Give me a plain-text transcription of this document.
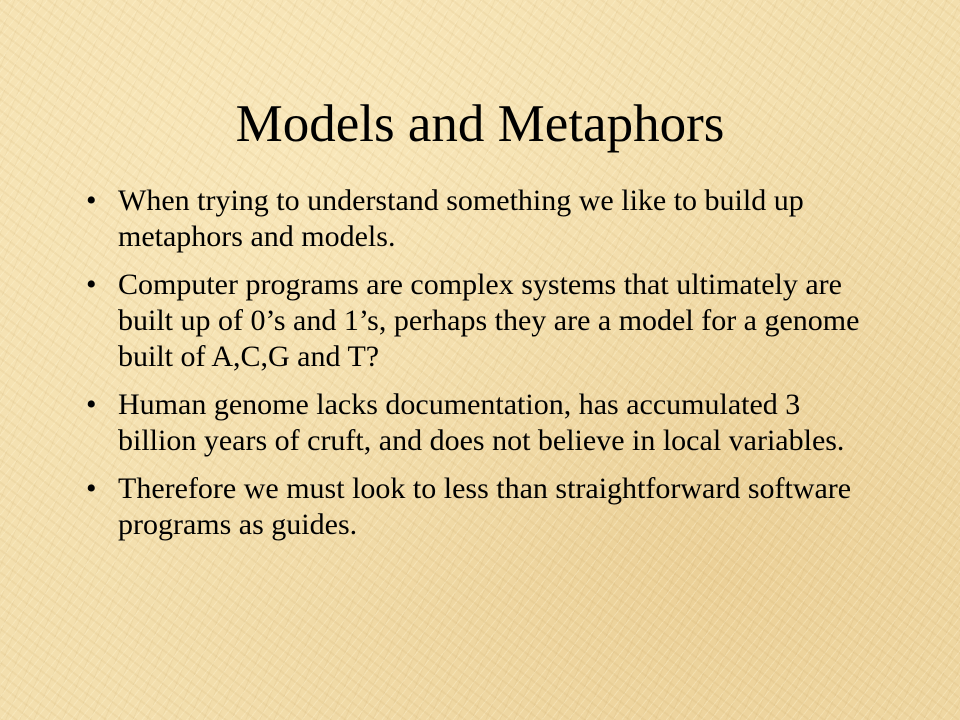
Models and Metaphors
• When trying to understand something we like to build up metaphors and models.
• Computer programs are complex systems that ultimately are built up of 0’s and 1’s, perhaps they are a model for a genome built of A,C,G and T?
• Human genome lacks documentation, has accumulated 3 billion years of cruft, and does not believe in local variables.
• Therefore we must look to less than straightforward software programs as guides.
